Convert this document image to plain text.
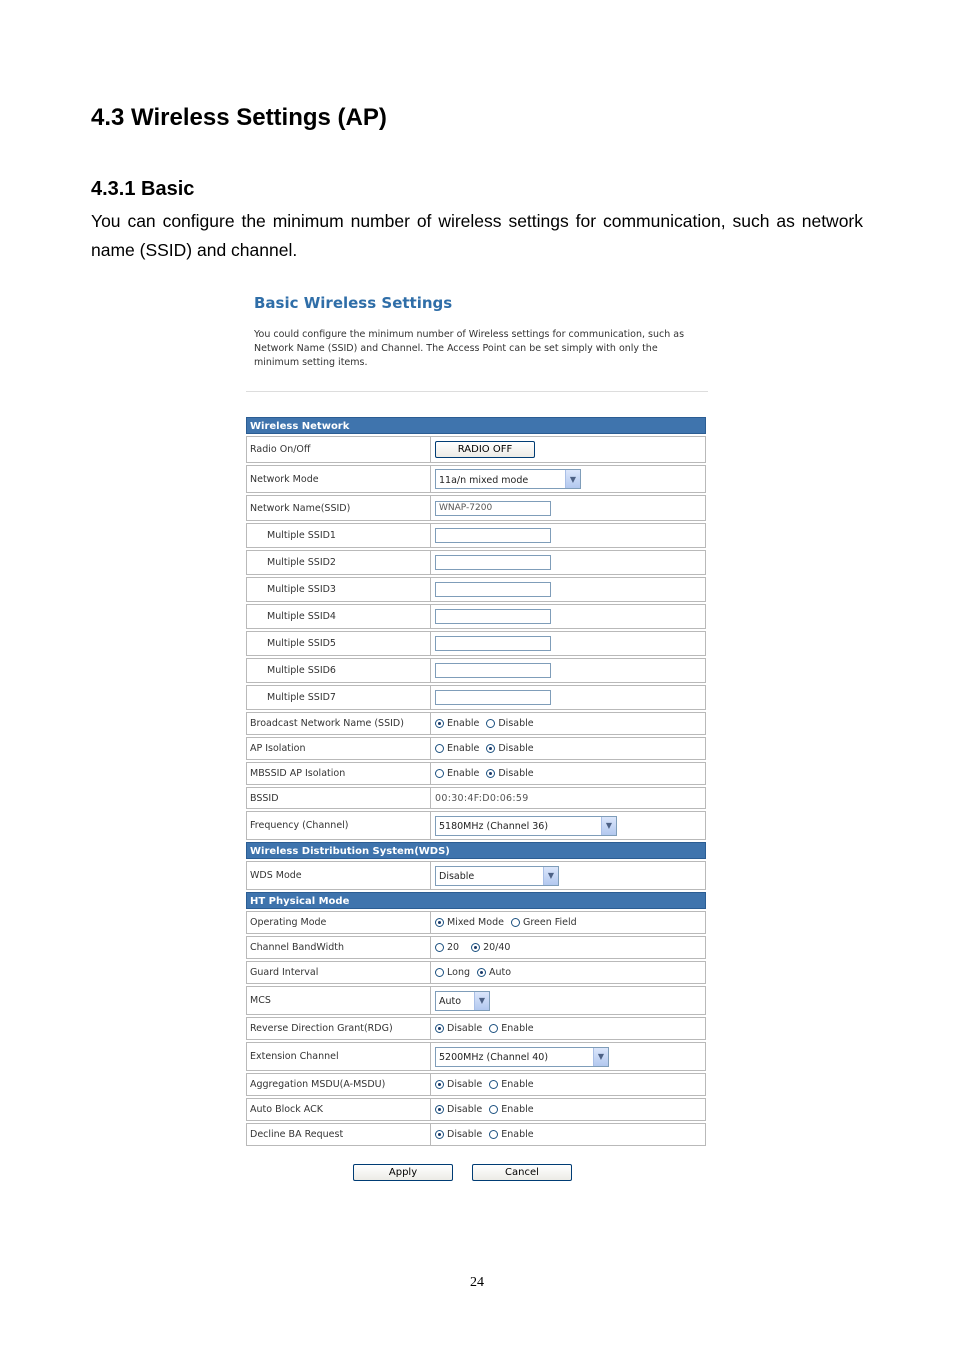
4.3 Wireless Settings (AP)
4.3.1 Basic

You can configure the minimum number of wireless settings for communication, such as network name (SSID) and channel.

Basic Wireless Settings
You could configure the minimum number of Wireless settings for communication, such as Network Name (SSID) and Channel. The Access Point can be set simply with only the minimum setting items.
Wireless Network
Radio On/Off	RADIO OFF
Network Mode	11a/n mixed mode	▼
Network Name(SSID)	WNAP-7200
Multiple SSID1
Multiple SSID2
Multiple SSID3
Multiple SSID4
Multiple SSID5
Multiple SSID6
Multiple SSID7
Broadcast Network Name (SSID)	Enable Disable
AP Isolation	Enable Disable
MBSSID AP Isolation	Enable Disable
BSSID	00:30:4F:D0:06:59
Frequency (Channel)	5180MHz (Channel 36)	▼
Wireless Distribution System(WDS)
WDS Mode	Disable	▼
HT Physical Mode
Operating Mode	Mixed Mode Green Field
Channel BandWidth	20	20/40
Guard Interval	Long Auto
MCS	Auto	▼
Reverse Direction Grant(RDG)	Disable Enable
Extension Channel	5200MHz (Channel 40)	▼
Aggregation MSDU(A-MSDU)	Disable Enable
Auto Block ACK	Disable Enable
Decline BA Request	Disable Enable
Apply	Cancel
24
